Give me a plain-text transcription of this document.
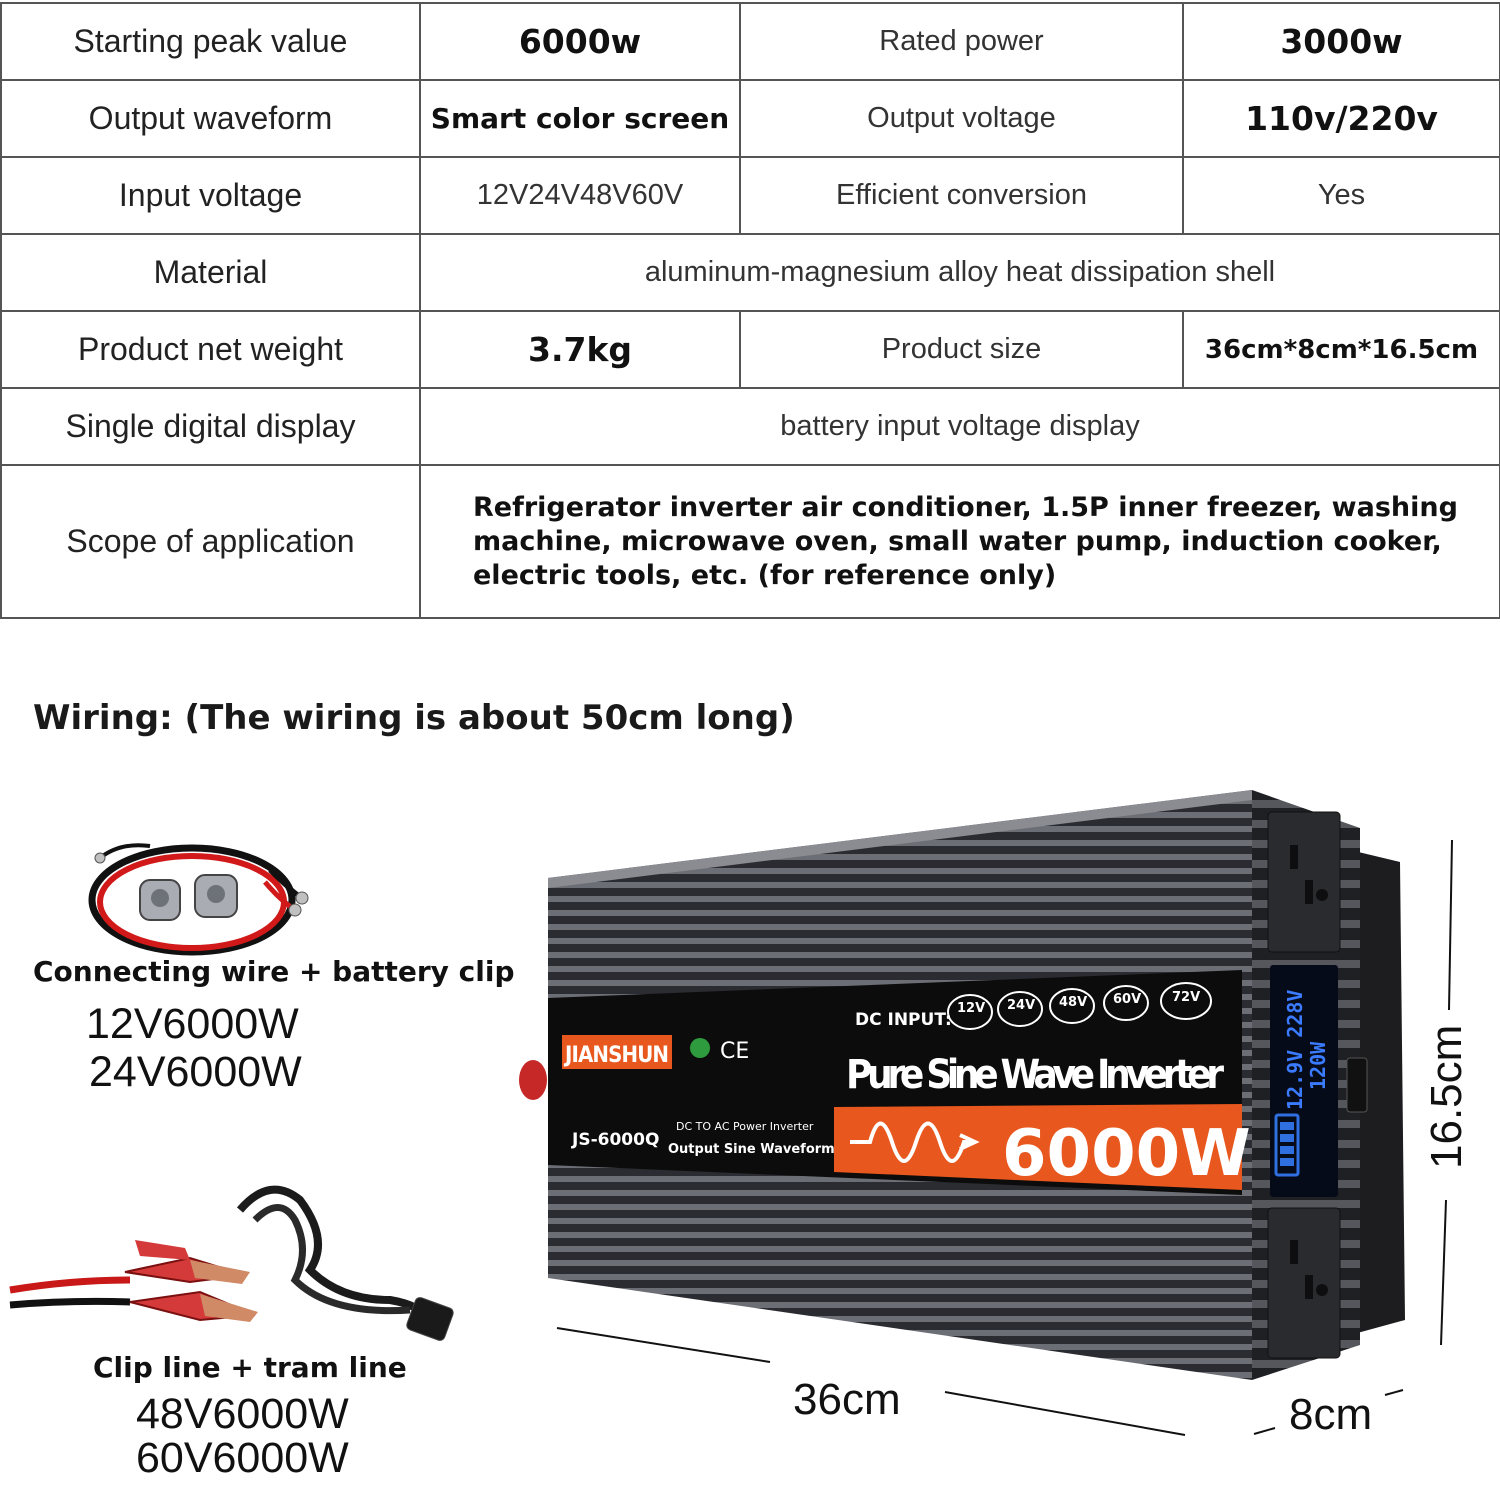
Starting peak value	6000w	Rated power	3000w
Output waveform	Smart color screen	Output voltage	110v/220v
Input voltage	12V24V48V60V	Efficient conversion	Yes
Material	aluminum-magnesium alloy heat dissipation shell		
Product net weight	3.7kg	Product size	36cm*8cm*16.5cm
Single digital display	battery input voltage display		
Scope of application	Refrigerator inverter air conditioner, 1.5P inner freezer, washing machine, microwave oven, small water pump, induction cooker, electric tools, etc. (for reference only)		
Wiring: (The wiring is about 50cm long)
Connecting wire + battery clip
12V6000W
24V6000W
Clip line + tram line
48V6000W
60V6000W
12.9V 228V 120W
6000W
JIANSHUN CE
JS-6000Q
DC TO AC Power Inverter
Output Sine Waveform
DC INPUT:
12V 24V 48V 60V 72V
Pure Sine Wave Inverter
36cm	8cm
16.5cm
